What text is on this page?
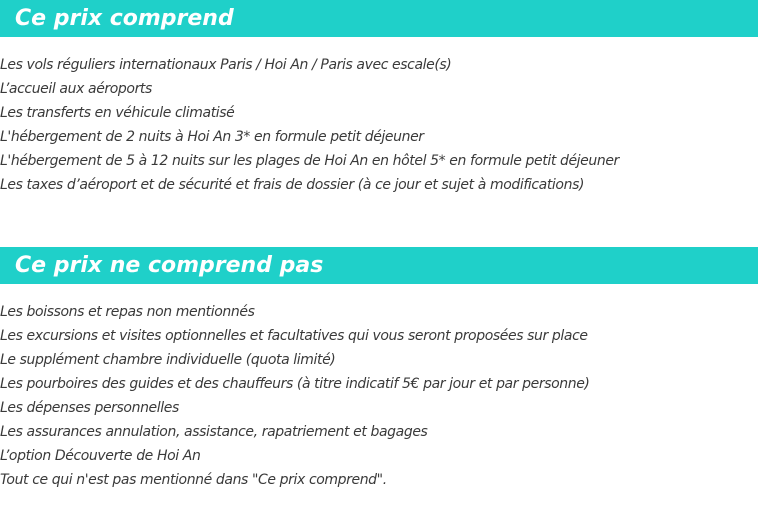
Ce prix comprend
Les vols réguliers internationaux Paris / Hoi An / Paris avec escale(s)
L’accueil aux aéroports
Les transferts en véhicule climatisé
L'hébergement de 2 nuits à Hoi An 3* en formule petit déjeuner
L'hébergement de 5 à 12 nuits sur les plages de Hoi An en hôtel 5* en formule petit déjeuner
Les taxes d’aéroport et de sécurité et frais de dossier (à ce jour et sujet à modifications)
Ce prix ne comprend pas
Les boissons et repas non mentionnés
Les excursions et visites optionnelles et facultatives qui vous seront proposées sur place
Le supplément chambre individuelle (quota limité)
Les pourboires des guides et des chauffeurs (à titre indicatif 5€ par jour et par personne)
Les dépenses personnelles
Les assurances annulation, assistance, rapatriement et bagages
L’option Découverte de Hoi An
Tout ce qui n'est pas mentionné dans "Ce prix comprend".
